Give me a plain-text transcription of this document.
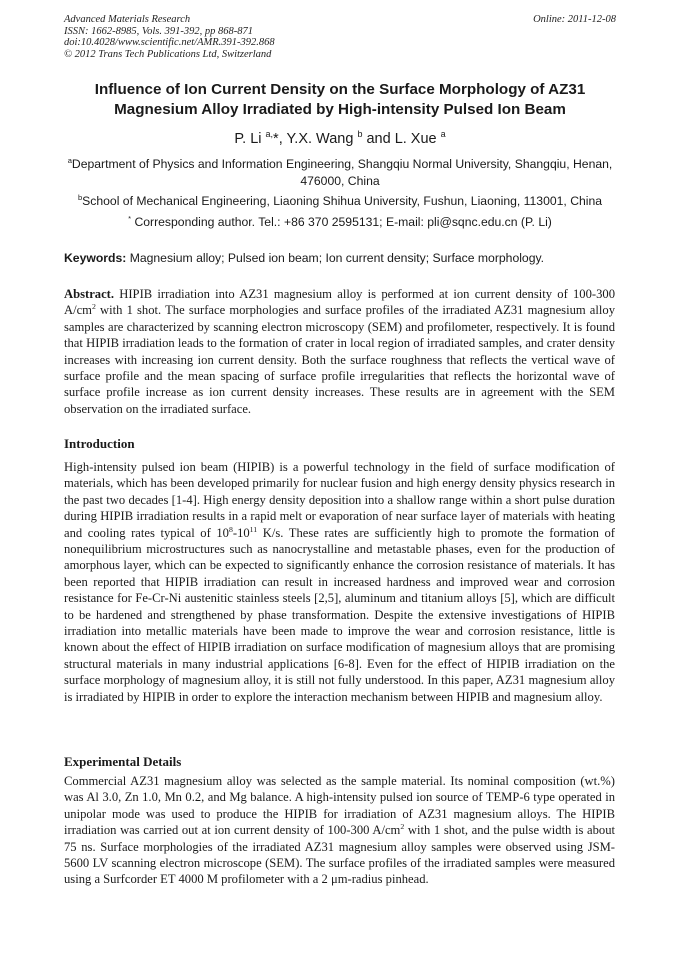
Advanced Materials Research
ISSN: 1662-8985, Vols. 391-392, pp 868-871
doi:10.4028/www.scientific.net/AMR.391-392.868
© 2012 Trans Tech Publications Ltd, Switzerland
Online: 2011-12-08
Influence of Ion Current Density on the Surface Morphology of AZ31 Magnesium Alloy Irradiated by High-intensity Pulsed Ion Beam
P. Li $^{a,}$*, Y.X. Wang $^b$ and L. Xue $^a$
$^a$Department of Physics and Information Engineering, Shangqiu Normal University, Shangqiu, Henan, 476000, China
$^b$School of Mechanical Engineering, Liaoning Shihua University, Fushun, Liaoning, 113001, China
* Corresponding author. Tel.: +86 370 2595131; E-mail: pli@sqnc.edu.cn (P. Li)
Keywords: Magnesium alloy; Pulsed ion beam; Ion current density; Surface morphology.
Abstract. HIPIB irradiation into AZ31 magnesium alloy is performed at ion current density of 100-300 $A/cm^2$ with 1 shot. The surface morphologies and surface profiles of the irradiated AZ31 magnesium alloy samples are characterized by scanning electron microscopy (SEM) and profilometer, respectively. It is found that HIPIB irradiation leads to the formation of crater in local region of irradiated samples, and crater density increases with increasing ion current density. Both the surface roughness that reflects the vertical wave of surface profile and the mean spacing of surface profile irregularities that reflects the horizontal wave of surface profile increase as ion current density increases. These results are in agreement with the SEM observation on the irradiated surface.
Introduction
High-intensity pulsed ion beam (HIPIB) is a powerful technology in the field of surface modification of materials, which has been developed primarily for nuclear fusion and high energy density physics research in the past two decades [1-4]. High energy density deposition into a shallow range within a short pulse duration during HIPIB irradiation results in a rapid melt or evaporation of near surface layer of materials with heating and cooling rates typical of $10^8-10^{11}$ K/s. These rates are sufficiently high to promote the formation of nonequilibrium microstructures such as nanocrystalline and metastable phases, even for the production of amorphous layer, which can be expected to significantly enhance the corrosion resistance of materials. It has been reported that HIPIB irradiation can result in increased hardness and improved wear and corrosion resistance for Fe-Cr-Ni austenitic stainless steels [2,5], aluminum and titanium alloys [5], which are difficult to be hardened and strengthened by phase transformation. Despite the extensive investigations of HIPIB irradiation into metallic materials have been made to improve the wear and corrosion resistance, little is known about the effect of HIPIB irradiation on surface modification of magnesium alloys that are promising structural materials in many industrial applications [6-8]. Even for the effect of HIPIB irradiation on the surface morphology of magnesium alloy, it is still not fully understood. In this paper, AZ31 magnesium alloy is irradiated by HIPIB in order to explore the interaction mechanism between HIPIB and magnesium alloy.
Experimental Details
Commercial AZ31 magnesium alloy was selected as the sample material. Its nominal composition (wt.%) was Al 3.0, Zn 1.0, Mn 0.2, and Mg balance. A high-intensity pulsed ion source of TEMP-6 type operated in unipolar mode was used to produce the HIPIB for irradiation of AZ31 magnesium alloys. The HIPIB irradiation was carried out at ion current density of 100-300 $A/cm^2$ with 1 shot, and the pulse width is about 75 ns. Surface morphologies of the irradiated AZ31 magnesium alloy samples were observed using JSM-5600 LV scanning electron microscope (SEM). The surface profiles of the irradiated samples were measured using a Surfcorder ET 4000 M profilometer with a 2 μm-radius pinhead.
